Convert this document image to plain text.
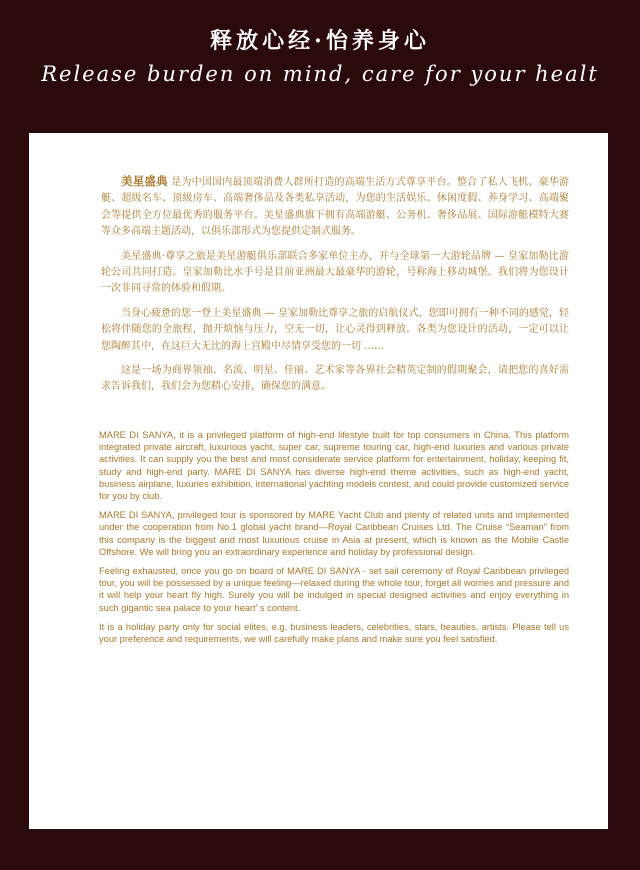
释放心经·怡养身心
Release burden on mind, care for your healt

美星盛典 是为中国国内最顶端消费人群所打造的高端生活方式尊享平台。整合了私人飞机、豪华游艇、超级名车、顶级房车、高端奢侈品及各类私享活动，为您的生活娱乐、休闲度假、养身学习、高端聚会等提供全方位最优秀的服务平台。美星盛典旗下拥有高端游艇、公务机、奢侈品展、国际游艇模特大赛等众多高端主题活动，以俱乐部形式为您提供定制式服务。

美星盛典·尊享之旅是美星游艇俱乐部联合多家单位主办，并与全球第一大游轮品牌 — 皇家加勒比游轮公司共同打造。皇家加勒比水手号是目前亚洲最大最豪华的游轮，号称海上移动城堡。我们将为您设计一次非同寻常的体验和假期。

当身心疲惫的您一登上美星盛典 — 皇家加勒比尊享之旅的启航仪式，您即可拥有一种不同的感觉，轻松将伴随您的全旅程，抛开烦恼与压力，空无一切，让心灵得到释放。各类为您设计的活动，一定可以让您陶醉其中，在这巨大无比的海上宫殿中尽情享受您的一切 ……

这是一场为商界领袖、名流、明星、佳丽、艺术家等各界社会精英定制的假期聚会，请把您的喜好需求告诉我们，我们会为您精心安排，确保您的满意。

MARE DI SANYA, it is a privileged platform of high-end lifestyle built for top consumers in China. This platform integrated private aircraft, luxurious yacht, super car, supreme touring car, high-end luxuries and various private activities. It can supply you the best and most considerate service platform for entertainment, holiday, keeping fit, study and high-end party. MARE DI SANYA has diverse high-end theme activities, such as high-end yacht, business airplane, luxuries exhibition, international yachting models contest, and could provide customized service for you by club.

MARE DI SANYA, privileged tour is sponsored by MARE Yacht Club and plenty of related units and implemented under the cooperation from No.1 global yacht brand—Royal Caribbean Cruises Ltd. The Cruise “Seaman” from this company is the biggest and most luxurious cruise in Asia at present, which is known as the Mobile Castle Offshore. We will bring you an extraordinary experience and holiday by professional design.

Feeling exhausted, once you go on board of MARE DI SANYA - set sail ceremony of Royal Caribbean privileged tour, you will be possessed by a unique feeling—relaxed during the whole tour, forget all worries and pressure and it will help your heart fly high. Surely you will be indulged in special designed activities and enjoy everything in such gigantic sea palace to your heart’ s content.

It is a holiday party only for social elites, e.g. business leaders, celebrities, stars, beauties, artists. Please tell us your preference and requirements, we will carefully make plans and make sure you feel satisfied.
